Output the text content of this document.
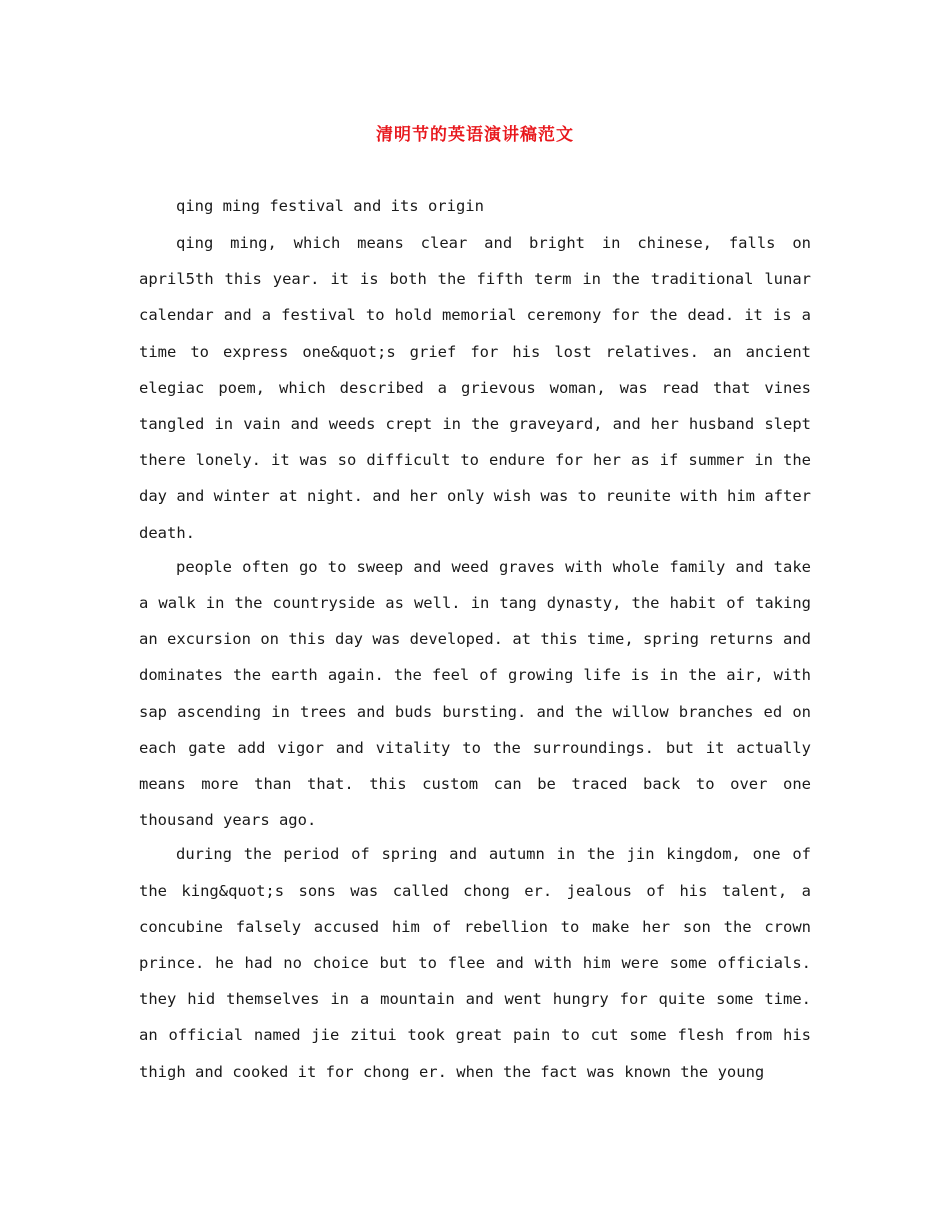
清明节的英语演讲稿范文

qing ming festival and its origin

qing ming, which means clear and bright in chinese, falls on april5th this year. it is both the fifth term in the traditional lunar calendar and a festival to hold memorial ceremony for the dead. it is a time to express one&quot;s grief for his lost relatives. an ancient elegiac poem, which described a grievous woman, was read that vines tangled in vain and weeds crept in the graveyard, and her husband slept there lonely. it was so difficult to endure for her as if summer in the day and winter at night. and her only wish was to reunite with him after death.

people often go to sweep and weed graves with whole family and take a walk in the countryside as well. in tang dynasty, the habit of taking an excursion on this day was developed. at this time, spring returns and dominates the earth again. the feel of growing life is in the air, with sap ascending in trees and buds bursting. and the willow branches ed on each gate add vigor and vitality to the surroundings. but it actually means more than that. this custom can be traced back to over one thousand years ago.

during the period of spring and autumn in the jin kingdom, one of the king&quot;s sons was called chong er. jealous of his talent, a concubine falsely accused him of rebellion to make her son the crown prince. he had no choice but to flee and with him were some officials. they hid themselves in a mountain and went hungry for quite some time. an official named jie zitui took great pain to cut some flesh from his thigh and cooked it for chong er. when the fact was known the young
